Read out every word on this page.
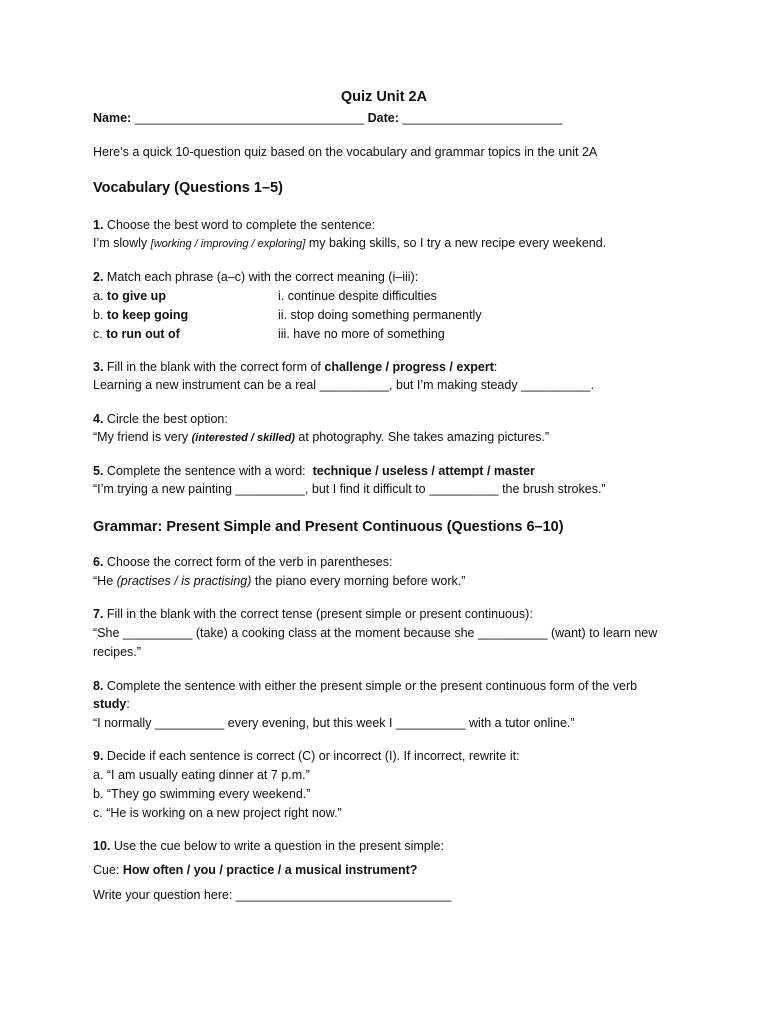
Quiz Unit 2A
Name: _________________________________ Date: _______________________
Here’s a quick 10-question quiz based on the vocabulary and grammar topics in the unit 2A
Vocabulary (Questions 1–5)
1. Choose the best word to complete the sentence:
I’m slowly [working / improving / exploring] my baking skills, so I try a new recipe every weekend.
2. Match each phrase (a–c) with the correct meaning (i–iii):
a. to give up	i. continue despite difficulties
b. to keep going	ii. stop doing something permanently
c. to run out of	iii. have no more of something
3. Fill in the blank with the correct form of challenge / progress / expert:
Learning a new instrument can be a real __________, but I’m making steady __________.
4. Circle the best option:
“My friend is very (interested / skilled) at photography. She takes amazing pictures.”
5. Complete the sentence with a word:  technique / useless / attempt / master
“I’m trying a new painting __________, but I find it difficult to __________ the brush strokes.”
Grammar: Present Simple and Present Continuous (Questions 6–10)
6. Choose the correct form of the verb in parentheses:
“He (practises / is practising) the piano every morning before work.”
7. Fill in the blank with the correct tense (present simple or present continuous):
“She __________ (take) a cooking class at the moment because she __________ (want) to learn new
recipes.”
8. Complete the sentence with either the present simple or the present continuous form of the verb
study:
“I normally __________ every evening, but this week I __________ with a tutor online.”
9. Decide if each sentence is correct (C) or incorrect (I). If incorrect, rewrite it:
a. “I am usually eating dinner at 7 p.m.”
b. “They go swimming every weekend.”
c. “He is working on a new project right now.”
10. Use the cue below to write a question in the present simple:
Cue: How often / you / practice / a musical instrument?
Write your question here: _______________________________
